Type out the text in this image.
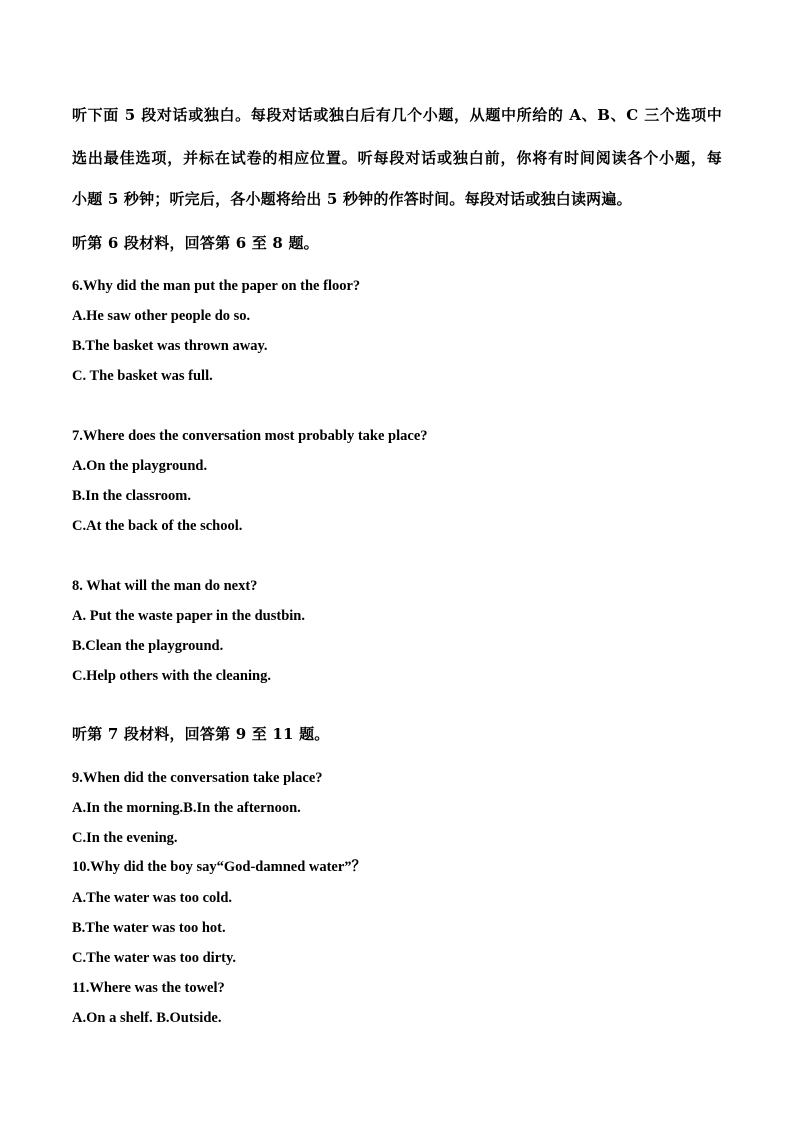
听下面 5 段对话或独白。每段对话或独白后有几个小题，从题中所给的 A、B、C 三个选项中
选出最佳选项，并标在试卷的相应位置。听每段对话或独白前，你将有时间阅读各个小题，每
小题 5 秒钟；听完后，各小题将给出 5 秒钟的作答时间。每段对话或独白读两遍。
听第 6 段材料，回答第 6 至 8 题。
6.Why did the man put the paper on the floor?
A.He saw other people do so.
B.The basket was thrown away.
C. The basket was full.
7.Where does the conversation most probably take place?
A.On the playground.
B.In the classroom.
C.At the back of the school.
8. What will the man do next?
A. Put the waste paper in the dustbin.
B.Clean the playground.
C.Help others with the cleaning.
听第 7 段材料，回答第 9 至 11 题。
9.When did the conversation take place?
A.In the morning.B.In the afternoon.
C.In the evening.
10.Why did the boy say“God-damned water”？
A.The water was too cold.
B.The water was too hot.
C.The water was too dirty.
11.Where was the towel?
A.On a shelf. B.Outside.
